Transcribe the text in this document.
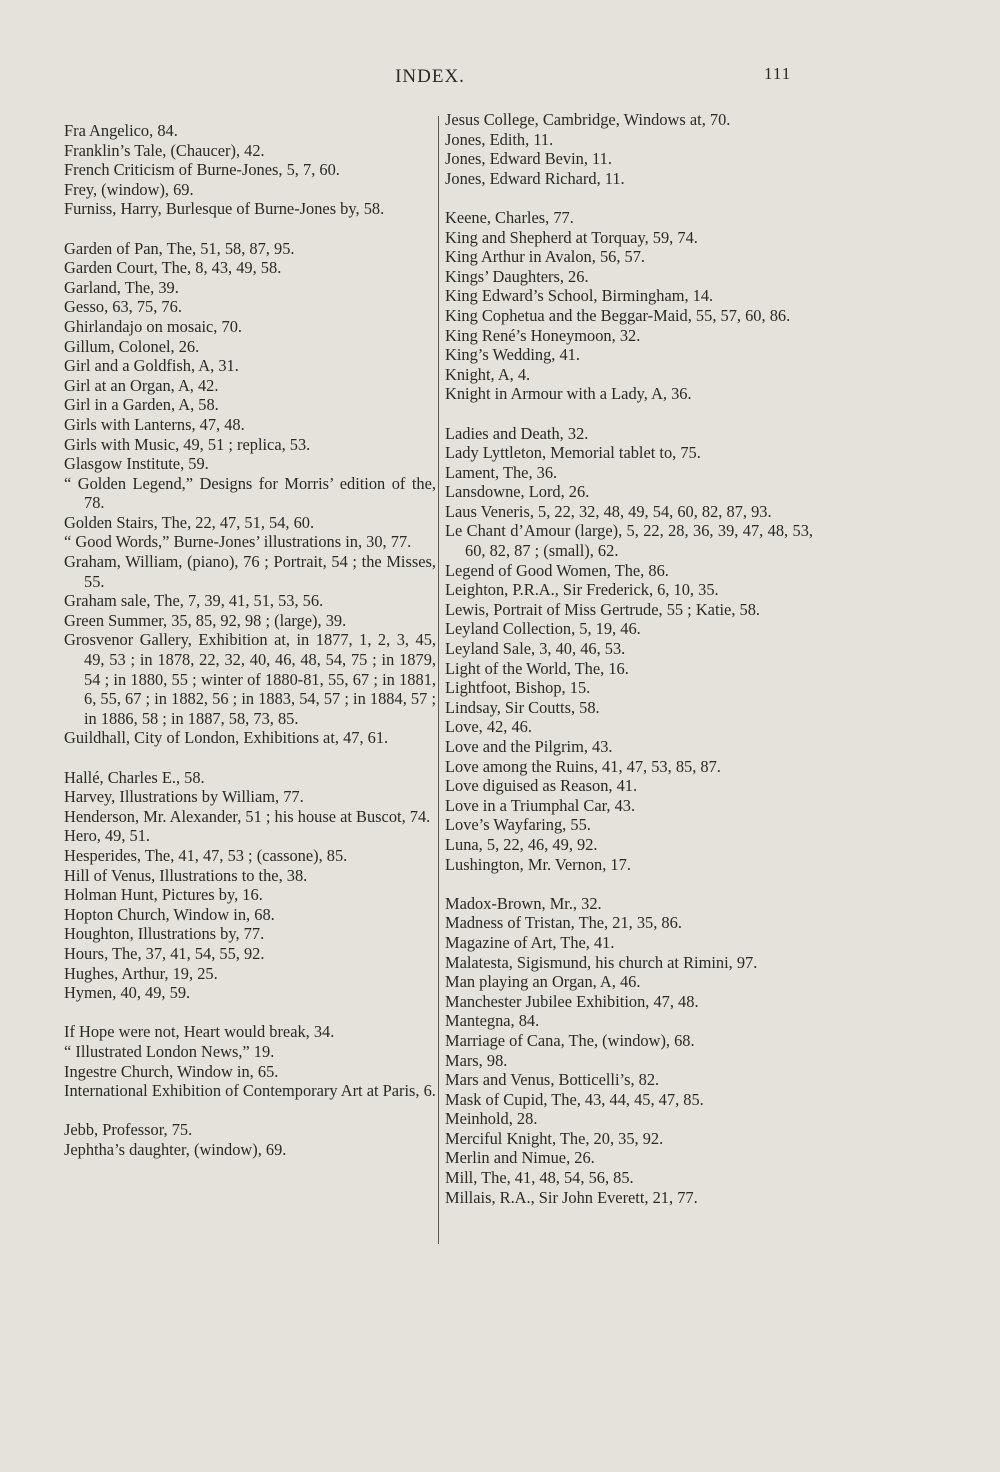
INDEX.	111
Fra Angelico, 84.
Franklin’s Tale, (Chaucer), 42.
French Criticism of Burne-Jones, 5, 7, 60.
Frey, (window), 69.
Furniss, Harry, Burlesque of Burne-Jones by, 58.
Garden of Pan, The, 51, 58, 87, 95.
Garden Court, The, 8, 43, 49, 58.
Garland, The, 39.
Gesso, 63, 75, 76.
Ghirlandajo on mosaic, 70.
Gillum, Colonel, 26.
Girl and a Goldfish, A, 31.
Girl at an Organ, A, 42.
Girl in a Garden, A, 58.
Girls with Lanterns, 47, 48.
Girls with Music, 49, 51 ; replica, 53.
Glasgow Institute, 59.
“ Golden Legend,” Designs for Morris’ edition of the, 78.
Golden Stairs, The, 22, 47, 51, 54, 60.
“ Good Words,” Burne-Jones’ illustrations in, 30, 77.
Graham, William, (piano), 76 ; Portrait, 54 ; the Misses, 55.
Graham sale, The, 7, 39, 41, 51, 53, 56.
Green Summer, 35, 85, 92, 98 ; (large), 39.
Grosvenor Gallery, Exhibition at, in 1877, 1, 2, 3, 45, 49, 53 ; in 1878, 22, 32, 40, 46, 48, 54, 75 ; in 1879, 54 ; in 1880, 55 ; winter of 1880-81, 55, 67 ; in 1881, 6, 55, 67 ; in 1882, 56 ; in 1883, 54, 57 ; in 1884, 57 ; in 1886, 58 ; in 1887, 58, 73, 85.
Guildhall, City of London, Exhibitions at, 47, 61.
Hallé, Charles E., 58.
Harvey, Illustrations by William, 77.
Henderson, Mr. Alexander, 51 ; his house at Buscot, 74.
Hero, 49, 51.
Hesperides, The, 41, 47, 53 ; (cassone), 85.
Hill of Venus, Illustrations to the, 38.
Holman Hunt, Pictures by, 16.
Hopton Church, Window in, 68.
Houghton, Illustrations by, 77.
Hours, The, 37, 41, 54, 55, 92.
Hughes, Arthur, 19, 25.
Hymen, 40, 49, 59.
If Hope were not, Heart would break, 34.
“ Illustrated London News,” 19.
Ingestre Church, Window in, 65.
International Exhibition of Contemporary Art at Paris, 6.
Jebb, Professor, 75.
Jephtha’s daughter, (window), 69.
Jesus College, Cambridge, Windows at, 70.
Jones, Edith, 11.
Jones, Edward Bevin, 11.
Jones, Edward Richard, 11.
Keene, Charles, 77.
King and Shepherd at Torquay, 59, 74.
King Arthur in Avalon, 56, 57.
Kings’ Daughters, 26.
King Edward’s School, Birmingham, 14.
King Cophetua and the Beggar-Maid, 55, 57, 60, 86.
King René’s Honeymoon, 32.
King’s Wedding, 41.
Knight, A, 4.
Knight in Armour with a Lady, A, 36.
Ladies and Death, 32.
Lady Lyttleton, Memorial tablet to, 75.
Lament, The, 36.
Lansdowne, Lord, 26.
Laus Veneris, 5, 22, 32, 48, 49, 54, 60, 82, 87, 93.
Le Chant d’Amour (large), 5, 22, 28, 36, 39, 47, 48, 53, 60, 82, 87 ; (small), 62.
Legend of Good Women, The, 86.
Leighton, P.R.A., Sir Frederick, 6, 10, 35.
Lewis, Portrait of Miss Gertrude, 55 ; Katie, 58.
Leyland Collection, 5, 19, 46.
Leyland Sale, 3, 40, 46, 53.
Light of the World, The, 16.
Lightfoot, Bishop, 15.
Lindsay, Sir Coutts, 58.
Love, 42, 46.
Love and the Pilgrim, 43.
Love among the Ruins, 41, 47, 53, 85, 87.
Love diguised as Reason, 41.
Love in a Triumphal Car, 43.
Love’s Wayfaring, 55.
Luna, 5, 22, 46, 49, 92.
Lushington, Mr. Vernon, 17.
Madox-Brown, Mr., 32.
Madness of Tristan, The, 21, 35, 86.
Magazine of Art, The, 41.
Malatesta, Sigismund, his church at Rimini, 97.
Man playing an Organ, A, 46.
Manchester Jubilee Exhibition, 47, 48.
Mantegna, 84.
Marriage of Cana, The, (window), 68.
Mars, 98.
Mars and Venus, Botticelli’s, 82.
Mask of Cupid, The, 43, 44, 45, 47, 85.
Meinhold, 28.
Merciful Knight, The, 20, 35, 92.
Merlin and Nimue, 26.
Mill, The, 41, 48, 54, 56, 85.
Millais, R.A., Sir John Everett, 21, 77.
